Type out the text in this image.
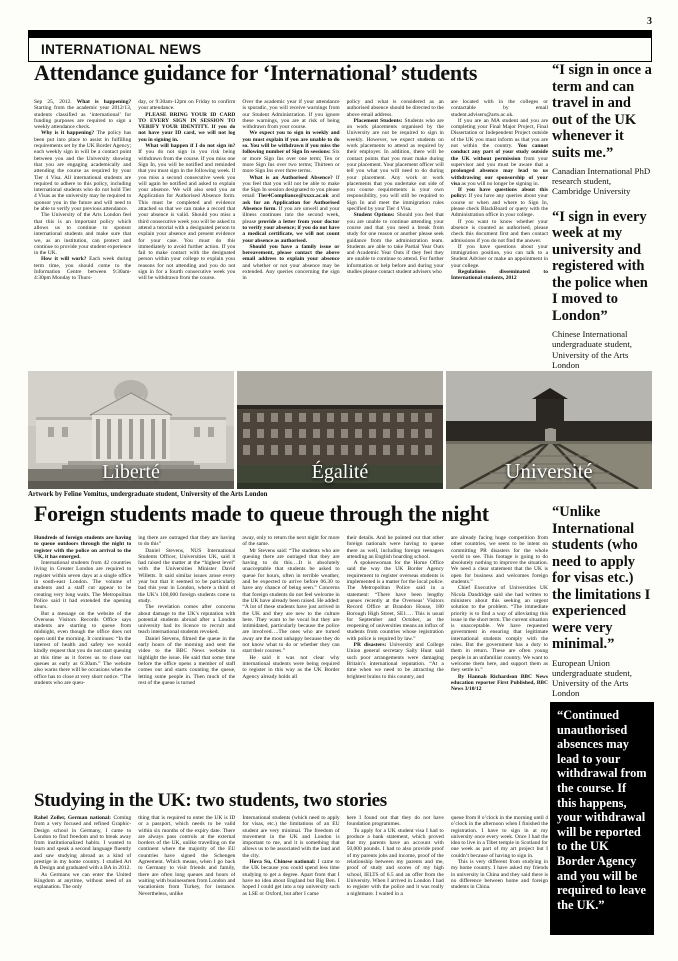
3
INTERNATIONAL NEWS
Attendance guidance for ‘International’ students

Sep 25, 2012. What is happening? Starting from the academic year 2012/13, students classified as ‘international’ for funding purposes are required to sign a weekly attendance check.

Why is it happening? The policy has been put into place to assist in fulfilling requirements set by the UK Border Agency; each weekly sign in will be a contact point between you and the University showing that you are engaging academically and attending the course as required by your Tier 4 Visa. All international students are required to adhere to this policy, including international students who do not hold Tier 4 Visas as the university may be required to sponsor you in the future and will need to be able to verify your previous attendance.

The University of the Arts London feel that this is an important policy which allows us to continue to sponsor international students and make sure that we, as an institution, can protect and continue to provide your student experience in the UK.

How it will work? Each week during term time, you should come to the Information Centre between 9:30am-4:30pm Monday to Thurs-

day, or 9:30am-12pm on Friday to confirm your attendance.

PLEASE BRING YOUR ID CARD TO EVERY SIGN IN SESSION TO VERIFY YOUR IDENTITY. If you do not have your ID card, we will not log you in signing in.

What will happen if I do not sign in? If you do not sign in you risk being withdrawn from the course. If you miss one Sign In, you will be notified and reminded that you must sign in the following week. If you miss a second consecutive week you will again be notified and asked to explain your absence. We will also send you an Application for Authorised Absence form. This must be completed and evidence attached so that we can make a record that your absence is valid. Should you miss a third consecutive week you will be asked to attend a tutorial with a designated person to explain your absence and present evidence for your case. You must do this immediately to avoid further action. If you fail to make contact with the designated person within your college to explain your reasons for not attending and you do not sign in for a fourth consecutive week you will be withdrawn from the course.

Over the academic year if your attendance is sporadic, you will receive warnings from our Student Administration. If you ignore these warnings, you are at risk of being withdrawn from your course.

We expect you to sign in weekly and you must explain if you are unable to do so. You will be withdrawn if you miss the following number of Sign In sessions: Six or more Sign Ins over one term; Ten or more Sign Ins over two terms; Thirteen or more Sign Ins over three terms.

What is an Authorised Absence? If you feel that you will not be able to make the Sign In session designated to you please email Tier4Compliance@xxxx.ac.uk and ask for an Application for Authorised Absence form. If you are unwell and your illness continues into the second week, please provide a letter from your doctor to verify your absence; if you do not have a medical certificate, we will not count your absence as authorised.

Should you have a family issue or bereavement, please contact the above email address to explain your absence and whether or not your absence may be extended. Any queries concerning the sign in

policy and what is considered as an authorised absence should be directed to the above email address.

Placement Students: Students who are on work placements organised by the University are not be required to sign in weekly. However, we expect students on work placements to attend as required by their employer. In addition, there will be contact points that you must make during your placement. Your placement officer will tell you what you will need to do during your placement. Any work or work placements that you undertake out side of you course requirements is your own responsibility, you will still be required to Sign In and meet the immigration rules specified by your Tier 4 Visa.

Student Options: Should you feel that you are unable to continue attending your course and that you need a break from study for one reason or another please seek guidance from the administration team. Students are able to take Partial Year Outs and Academic Year Outs if they feel they are unable to continue to attend. For further information or help before and during your studies please contact student advisers who

are located with in the colleges or contactable by email student.advisers@arts.ac.uk.

If you are an MA student and you are completing your Final Major Project, Final Dissertation or Independent Project outside of the UK you must inform us that you are not within the country. You cannot conduct any part of your study outside the UK without permission from your supervisor and you must be aware that a prolonged absence may lead to us withdrawing our sponsorship of your visa as you will no longer be signing in.

If you have questions about this policy: If you have any queries about your course or when and where to Sign In, please check BlackBoard or query with the Administration office in your college.

If you want to know whether your absence is counted as authorised, please check this document first and then contact admissions if you do not find the answer.

If you have questions about your immigration position, you can talk to a Student Adviser or make an appointment in your college.

Regulations disseminated to International students, 2012

“I sign in once a term and can travel in and out of the UK whenever it suits me.”
Canadian International PhD research student, Cambridge University
“I sign in every week at my university and registered with the police when I moved to London”
Chinese International undergraduate student, University of the Arts London
Liberté	Égalité	Université
Artwork by Feline Vomitus, undergraduate student, University of the Arts London
Foreign students made to queue through the night

Hundreds of foreign students are having to queue outdoors through the night to register with the police on arrival to the UK, it has emerged.

International students from 42 countries living in Greater London are required to register within seven days at a single office in south-east London. The volume of students and a staff cut appear to be creating very long waits. The Metropolitan Police said it had extended the opening hours.

But a message on the website of the Overseas Visitors Records Office says students are starting to queue from midnight, even though the office does not open until the morning. It continues: “In the interest of health and safety we would kindly request that you do not start queuing at this time as it forces us to close our queues as early as 6:30am.” The website also warns there will be occasions when the office has to close at very short notice. “The students who are queu-

ing there are outraged that they are having to do this”

Daniel Stevens, NUS International Students Officer, Universities UK, said it had raised the matter at the “highest level” with the Universities Minister David Willetts. It said similar issues arose every year but that it seemed to be particularly bad this year in London, where a third of the UK’s 100,000 foreign students come to study.

The revelation comes after concerns about damage to the UK’s reputation with potential students abroad after a London university had its licence to recruit and teach international students revoked.

Daniel Stevens, filmed the queue in the early hours of the morning and sent the video to the BBC News website to highlight the issue. He said that some time before the office opens a member of staff comes out and starts counting the queue, letting some people in. Then much of the rest of the queue is turned

away, only to return the next night for more of the same.

Mr Stevens said: “The students who are queuing there are outraged that they are having to do this….It is absolutely unacceptable that students be asked to queue for hours, often in terrible weather, and be expected to arrive before 06.30 to have any chance of being seen.” Concerns that foreign students do not feel welcome in the UK have already been raised. He added: “A lot of these students have just arrived in the UK and they are new to the culture here. They want to be vocal but they are intimidated, particularly because the police are involved….The ones who are turned away are the most unhappy because they do not know what to do or whether they can start their courses.”

He said it was not clear why international students were being required to register in this way as the UK Border Agency already holds all

their details. And he pointed out that other foreign nationals were having to queue there as well, including foreign teenagers attending an English boarding school.

A spokeswoman for the Home Office said the way the UK Border Agency requirement to register overseas students is implemented is a matter for the local police. The Metropolitan Police said in a statement: “There have been lengthy queues recently at the Overseas’ Visitors Record Office at Brandon House, 180 Borough High Street, SE1…. This is usual for September and October, as the reopening of universities means an influx of students from countries whose registration with police is required by law.”

PR disasters: University and College Union general secretary Sally Hunt said such poor arrangements were damaging Britain’s international reputation. “At a time when we need to be attracting the brightest brains to this country, and

are already facing huge competition from other countries, we seem to be intent on committing PR disasters for the whole world to see. This footage is going to do absolutely nothing to improve the situation. We need a clear statement that the UK is open for business and welcomes foreign students.”

Chief Executive of Universities UK Nicola Dandridge said she had written to ministers about this seeking an urgent solution to the problem. “The immediate priority is to find a way of alleviating this issue in the short term. The current situation is unacceptable. We have requested government in ensuring that legitimate international students comply with the rules. But the government has a duty to them in return. These are often young people in an unfamiliar country. We want to welcome them here, and support them as they settle in.”

By Hannah Richardson BBC News education reporter First Published, BBC News 3/10/12

“Unlike International students (who need to apply for visas etc.) the limitations I experienced were very minimal.”
European Union undergraduate student, University of the Arts London
“Continued unauthorised absences may lead to your withdrawal from the course. If this happens, your withdrawal will be reported to the UK Border Agency and you will be required to leave the UK.”
Studying in the UK: two students, two stories

Rahel Zoller, German national: Coming from a very focused and refined Graphic-Design school in Germany, I came to London to find freedom and to break away from institutionalized habits. I wanted to learn and speak a second language fluently and saw studying abroad as a kind of prestige in my home country. I studied Art & Design and graduated with a BA in 2012.

As Germans we can enter the United Kingdom at anytime, without need of an explanation. The only

thing that is required to enter the UK is ID or a passport, which needs to be valid within six months of the expiry date. There are always pass controls at the external borders of the UK, unlike travelling on the continent where the majority of the EU countries have signed the Schengen Agreement. Which means, when I go back to Germany to visit friends and family, there are often long queues and hours of waiting with businessmen from London and vacationists from Turkey, for instance. Nevertheless, unlike

International students (which need to apply for visas, etc.) the limitations of an EU student are very minimal. The freedom of movement in the UK and London is important to me, and it is something that allows us to be associated with the land and the city.

Hova Su, Chinese national: I came to the UK because you could spend less time studying to get a degree. Apart from that I have no idea about England but Big Ben. I hoped I could get into a top university such as LSE or Oxford, but after I came

here I found out that they do not have foundation programmes.

To apply for a UK student visa I had to produce a bank statement, which proved that my parents have an account with 50,000 pounds. I had to also provide proof of my parents jobs and income, proof of the relationship between my parents and me, proof of study and scores of my high school, IELTS of 6.5 and an offer from the University. When I arrived in London I had to register with the police and it was really a nightmare. I waited in a

queue from 8 o’clock in the morning until 4 o’clock in the afternoon when I finished the registration. I have to sign in at my university once every week. Once I had the idea to live in a Tibet temple in Scotland for one week as part of my art project but I couldn’t because of having to sign in.

This is very different from studying in my home country. I have asked my friends in university in China and they said there is no difference between home and foreign students in China.
